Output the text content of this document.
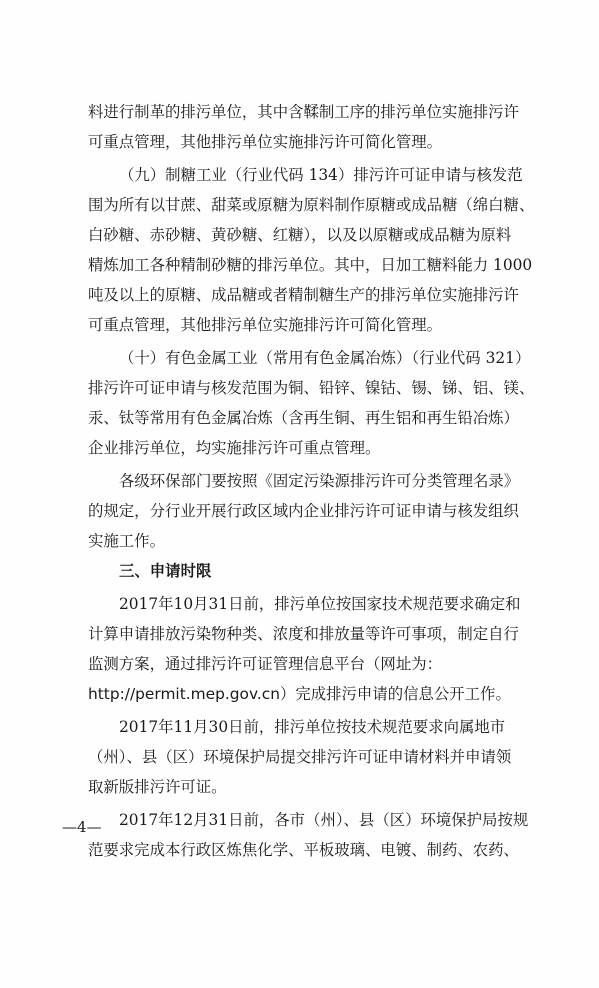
料进行制革的排污单位，其中含鞣制工序的排污单位实施排污许
可重点管理，其他排污单位实施排污许可简化管理。
（九）制糖工业（行业代码 134）排污许可证申请与核发范
围为所有以甘蔗、甜菜或原糖为原料制作原糖或成品糖（绵白糖、
白砂糖、赤砂糖、黄砂糖、红糖），以及以原糖或成品糖为原料
精炼加工各种精制砂糖的排污单位。其中，日加工糖料能力 1000
吨及以上的原糖、成品糖或者精制糖生产的排污单位实施排污许
可重点管理，其他排污单位实施排污许可简化管理。
（十）有色金属工业（常用有色金属冶炼）（行业代码 321）
排污许可证申请与核发范围为铜、铅锌、镍钴、锡、锑、铝、镁、
汞、钛等常用有色金属冶炼（含再生铜、再生铝和再生铅冶炼）
企业排污单位，均实施排污许可重点管理。
各级环保部门要按照《固定污染源排污许可分类管理名录》
的规定，分行业开展行政区域内企业排污许可证申请与核发组织
实施工作。
三、申请时限
2017年10月31日前，排污单位按国家技术规范要求确定和
计算申请排放污染物种类、浓度和排放量等许可事项，制定自行
监测方案，通过排污许可证管理信息平台（网址为：
http://permit.mep.gov.cn）完成排污申请的信息公开工作。
2017年11月30日前，排污单位按技术规范要求向属地市
（州）、县（区）环境保护局提交排污许可证申请材料并申请领
取新版排污许可证。
2017年12月31日前，各市（州）、县（区）环境保护局按规
范要求完成本行政区炼焦化学、平板玻璃、电镀、制药、农药、
—4—
